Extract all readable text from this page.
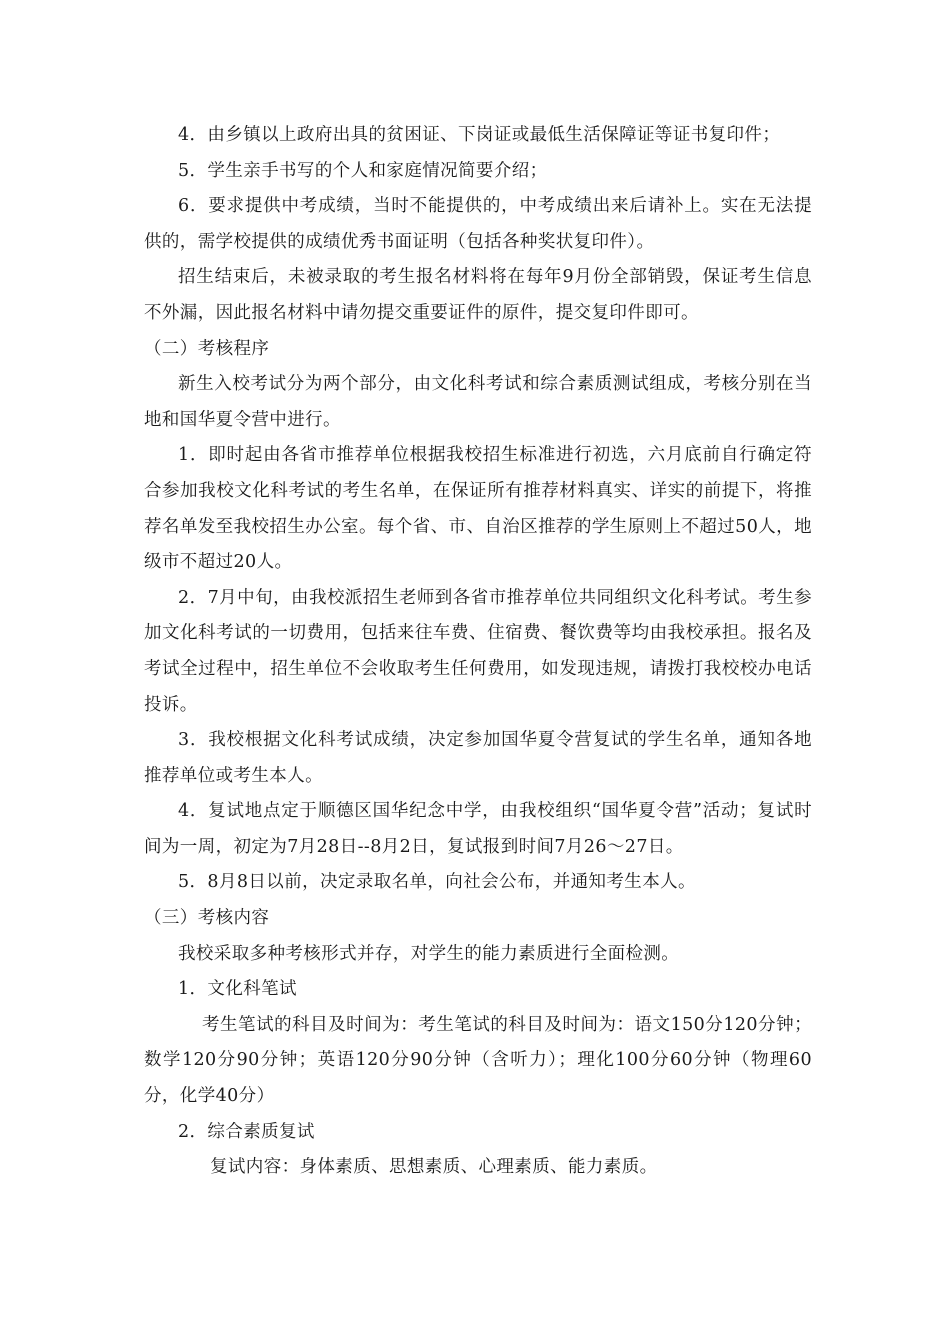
4．由乡镇以上政府出具的贫困证、下岗证或最低生活保障证等证书复印件；

5．学生亲手书写的个人和家庭情况简要介绍；

6．要求提供中考成绩，当时不能提供的，中考成绩出来后请补上。实在无法提供的，需学校提供的成绩优秀书面证明（包括各种奖状复印件）。

招生结束后，未被录取的考生报名材料将在每年9月份全部销毁，保证考生信息不外漏，因此报名材料中请勿提交重要证件的原件，提交复印件即可。

（二）考核程序

新生入校考试分为两个部分，由文化科考试和综合素质测试组成，考核分别在当地和国华夏令营中进行。

1．即时起由各省市推荐单位根据我校招生标准进行初选，六月底前自行确定符合参加我校文化科考试的考生名单，在保证所有推荐材料真实、详实的前提下，将推荐名单发至我校招生办公室。每个省、市、自治区推荐的学生原则上不超过50人，地级市不超过20人。

2．7月中旬，由我校派招生老师到各省市推荐单位共同组织文化科考试。考生参加文化科考试的一切费用，包括来往车费、住宿费、餐饮费等均由我校承担。报名及考试全过程中，招生单位不会收取考生任何费用，如发现违规，请拨打我校校办电话投诉。

3．我校根据文化科考试成绩，决定参加国华夏令营复试的学生名单，通知各地推荐单位或考生本人。

4．复试地点定于顺德区国华纪念中学，由我校组织“国华夏令营”活动；复试时间为一周，初定为7月28日--8月2日，复试报到时间7月26～27日。

5．8月8日以前，决定录取名单，向社会公布，并通知考生本人。

（三）考核内容

我校采取多种考核形式并存，对学生的能力素质进行全面检测。

1．文化科笔试

考生笔试的科目及时间为：考生笔试的科目及时间为：语文150分120分钟；数学120分90分钟；英语120分90分钟（含听力）；理化100分60分钟（物理60分，化学40分）

2．综合素质复试

复试内容：身体素质、思想素质、心理素质、能力素质。
